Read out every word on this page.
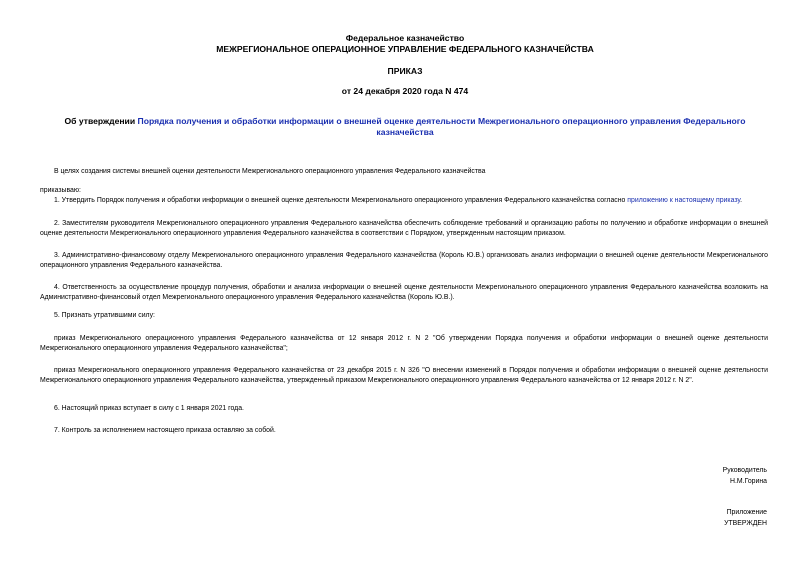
Федеральное казначейство
МЕЖРЕГИОНАЛЬНОЕ ОПЕРАЦИОННОЕ УПРАВЛЕНИЕ ФЕДЕРАЛЬНОГО КАЗНАЧЕЙСТВА
ПРИКАЗ
от 24 декабря 2020 года N 474
Об утверждении Порядка получения и обработки информации о внешней оценке деятельности Межрегионального операционного управления Федерального казначейства
В целях создания системы внешней оценки деятельности Межрегионального операционного управления Федерального казначейства
приказываю:
1. Утвердить Порядок получения и обработки информации о внешней оценке деятельности Межрегионального операционного управления Федерального казначейства согласно приложению к настоящему приказу.
2. Заместителям руководителя Межрегионального операционного управления Федерального казначейства обеспечить соблюдение требований и организацию работы по получению и обработке информации о внешней оценке деятельности Межрегионального операционного управления Федерального казначейства в соответствии с Порядком, утвержденным настоящим приказом.
3. Административно-финансовому отделу Межрегионального операционного управления Федерального казначейства (Король Ю.В.) организовать анализ информации о внешней оценке деятельности Межрегионального операционного управления Федерального казначейства.
4. Ответственность за осуществление процедур получения, обработки и анализа информации о внешней оценке деятельности Межрегионального операционного управления Федерального казначейства возложить на Административно-финансовый отдел Межрегионального операционного управления Федерального казначейства (Король Ю.В.).
5. Признать утратившими силу:
приказ Межрегионального операционного управления Федерального казначейства от 12 января 2012 г. N 2 "Об утверждении Порядка получения и обработки информации о внешней оценке деятельности Межрегионального операционного управления Федерального казначейства";
приказ Межрегионального операционного управления Федерального казначейства от 23 декабря 2015 г. N 326 "О внесении изменений в Порядок получения и обработки информации о внешней оценке деятельности Межрегионального операционного управления Федерального казначейства, утвержденный приказом Межрегионального операционного управления Федерального казначейства от 12 января 2012 г. N 2".
6. Настоящий приказ вступает в силу с 1 января 2021 года.
7. Контроль за исполнением настоящего приказа оставляю за собой.
Руководитель
Н.М.Горина
Приложение
УТВЕРЖДЕН
